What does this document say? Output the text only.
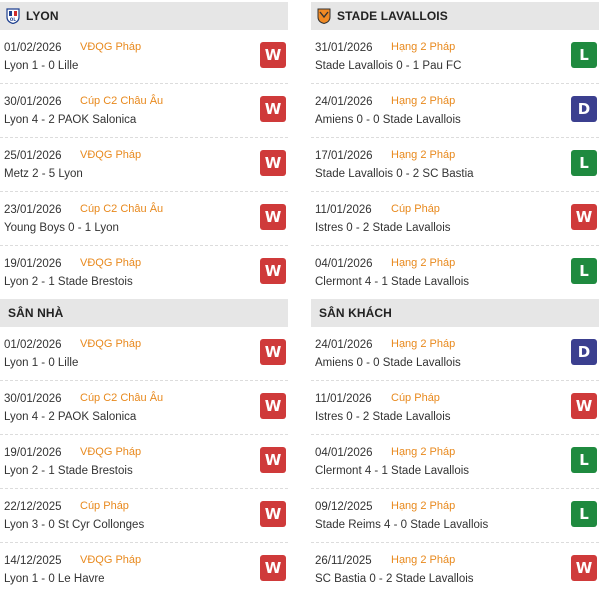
OL LYON
01/02/2026 VĐQG Pháp
Lyon 1 - 0 Lille
W
30/01/2026 Cúp C2 Châu Âu
Lyon 4 - 2 PAOK Salonica
W
25/01/2026 VĐQG Pháp
Metz 2 - 5 Lyon
W
23/01/2026 Cúp C2 Châu Âu
Young Boys 0 - 1 Lyon
W
19/01/2026 VĐQG Pháp
Lyon 2 - 1 Stade Brestois
W
STADE LAVALLOIS
31/01/2026 Hạng 2 Pháp
Stade Lavallois 0 - 1 Pau FC
L
24/01/2026 Hạng 2 Pháp
Amiens 0 - 0 Stade Lavallois
D
17/01/2026 Hạng 2 Pháp
Stade Lavallois 0 - 2 SC Bastia
L
11/01/2026 Cúp Pháp
Istres 0 - 2 Stade Lavallois
W
04/01/2026 Hạng 2 Pháp
Clermont 4 - 1 Stade Lavallois
L
SÂN NHÀ
01/02/2026 VĐQG Pháp
Lyon 1 - 0 Lille
W
30/01/2026 Cúp C2 Châu Âu
Lyon 4 - 2 PAOK Salonica
W
19/01/2026 VĐQG Pháp
Lyon 2 - 1 Stade Brestois
W
22/12/2025 Cúp Pháp
Lyon 3 - 0 St Cyr Collonges
W
14/12/2025 VĐQG Pháp
Lyon 1 - 0 Le Havre
W
SÂN KHÁCH
24/01/2026 Hạng 2 Pháp
Amiens 0 - 0 Stade Lavallois
D
11/01/2026 Cúp Pháp
Istres 0 - 2 Stade Lavallois
W
04/01/2026 Hạng 2 Pháp
Clermont 4 - 1 Stade Lavallois
L
09/12/2025 Hạng 2 Pháp
Stade Reims 4 - 0 Stade Lavallois
L
26/11/2025 Hạng 2 Pháp
SC Bastia 0 - 2 Stade Lavallois
W
